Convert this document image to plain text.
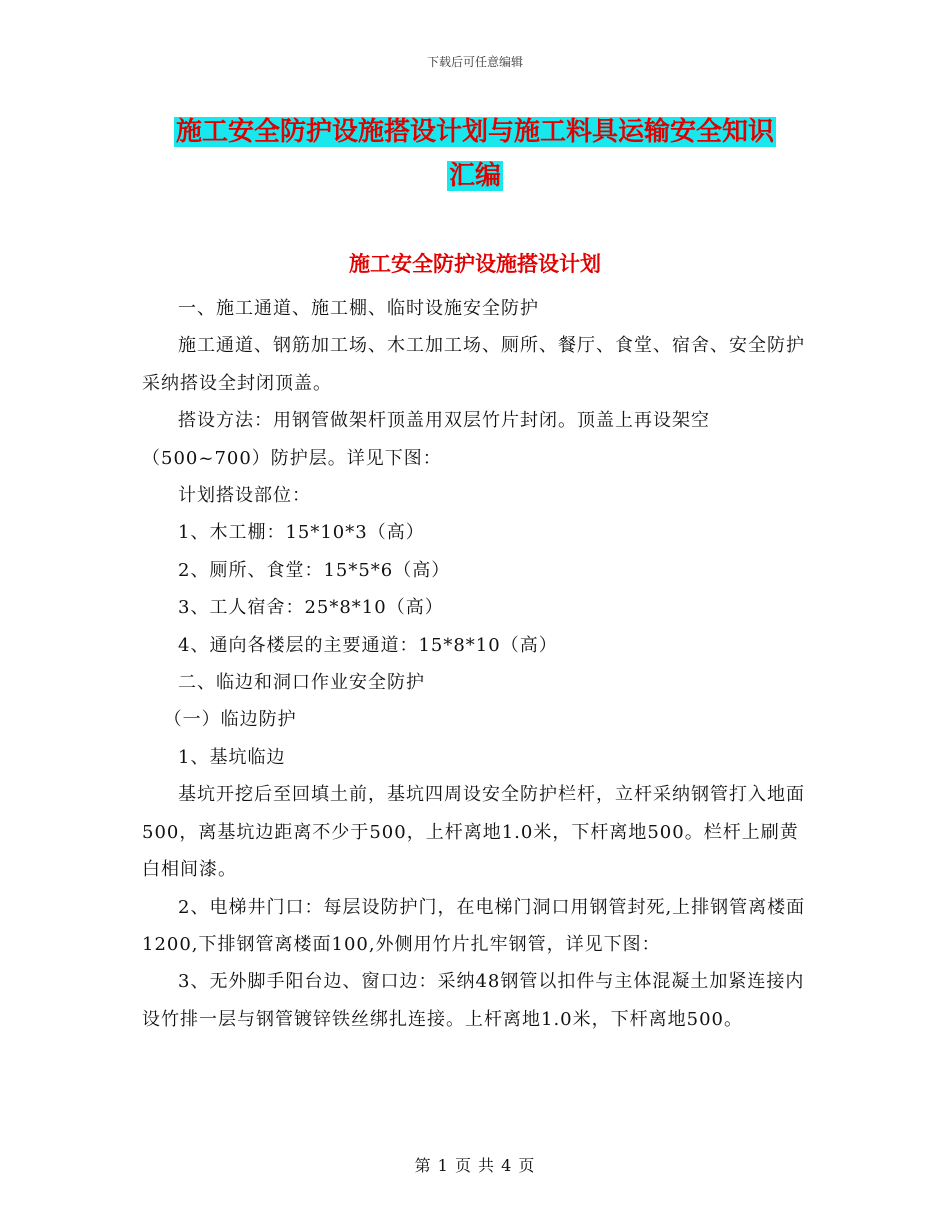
下载后可任意编辑
施工安全防护设施搭设计划与施工料具运输安全知识
汇编
施工安全防护设施搭设计划

一、施工通道、施工棚、临时设施安全防护

施工通道、钢筋加工场、木工加工场、厕所、餐厅、食堂、宿舍、安全防护采纳搭设全封闭顶盖。

搭设方法：用钢管做架杆顶盖用双层竹片封闭。顶盖上再设架空（500~700）防护层。详见下图：

计划搭设部位：

1、木工棚：15*10*3（高）

2、厕所、食堂：15*5*6（高）

3、工人宿舍：25*8*10（高）

4、通向各楼层的主要通道：15*8*10（高）

二、临边和洞口作业安全防护

（一）临边防护

1、基坑临边

基坑开挖后至回填土前，基坑四周设安全防护栏杆，立杆采纳钢管打入地面500，离基坑边距离不少于500，上杆离地1.0米，下杆离地500。栏杆上刷黄白相间漆。

2、电梯井门口：每层设防护门，在电梯门洞口用钢管封死,上排钢管离楼面1200,下排钢管离楼面100,外侧用竹片扎牢钢管，详见下图：

3、无外脚手阳台边、窗口边：采纳48钢管以扣件与主体混凝土加紧连接内设竹排一层与钢管镀锌铁丝绑扎连接。上杆离地1.0米，下杆离地500。

第 1 页 共 4 页
